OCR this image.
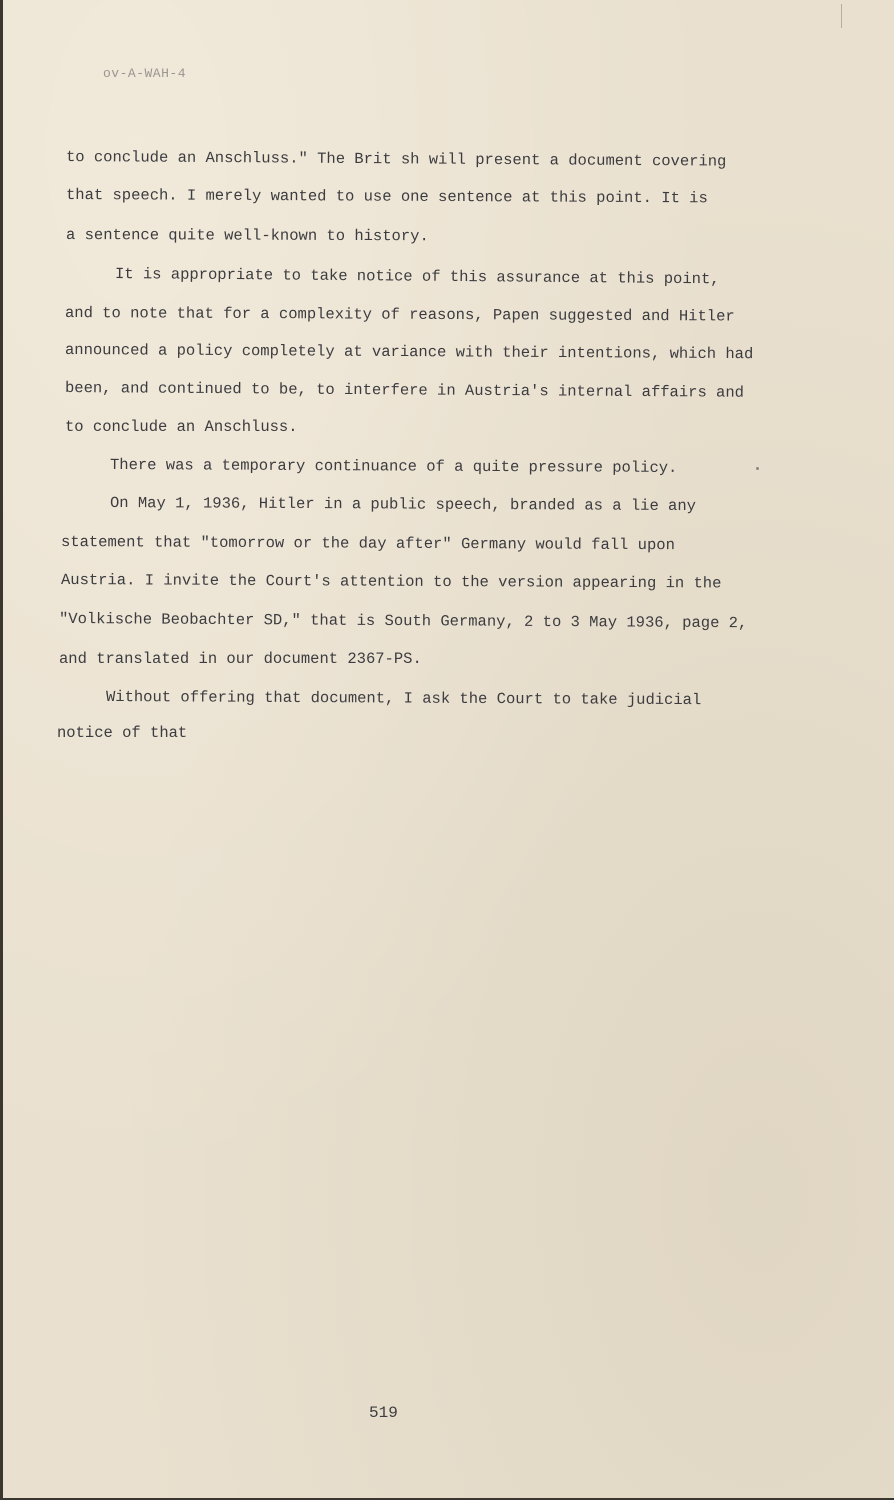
ov-A-WAH-4
to conclude an Anschluss." The Brit sh will present a document covering
that speech. I merely wanted to use one sentence at this point. It is
a sentence quite well-known to history.
It is appropriate to take notice of this assurance at this point,
and to note that for a complexity of reasons, Papen suggested and Hitler
announced a policy completely at variance with their intentions, which had
been, and continued to be, to interfere in Austria's internal affairs and
to conclude an Anschluss.
There was a temporary continuance of a quite pressure policy.
On May 1, 1936, Hitler in a public speech, branded as a lie any
statement that "tomorrow or the day after" Germany would fall upon
Austria. I invite the Court's attention to the version appearing in the
"Volkische Beobachter SD," that is South Germany, 2 to 3 May 1936, page 2,
and translated in our document 2367-PS.
Without offering that document, I ask the Court to take judicial
notice of that
519
